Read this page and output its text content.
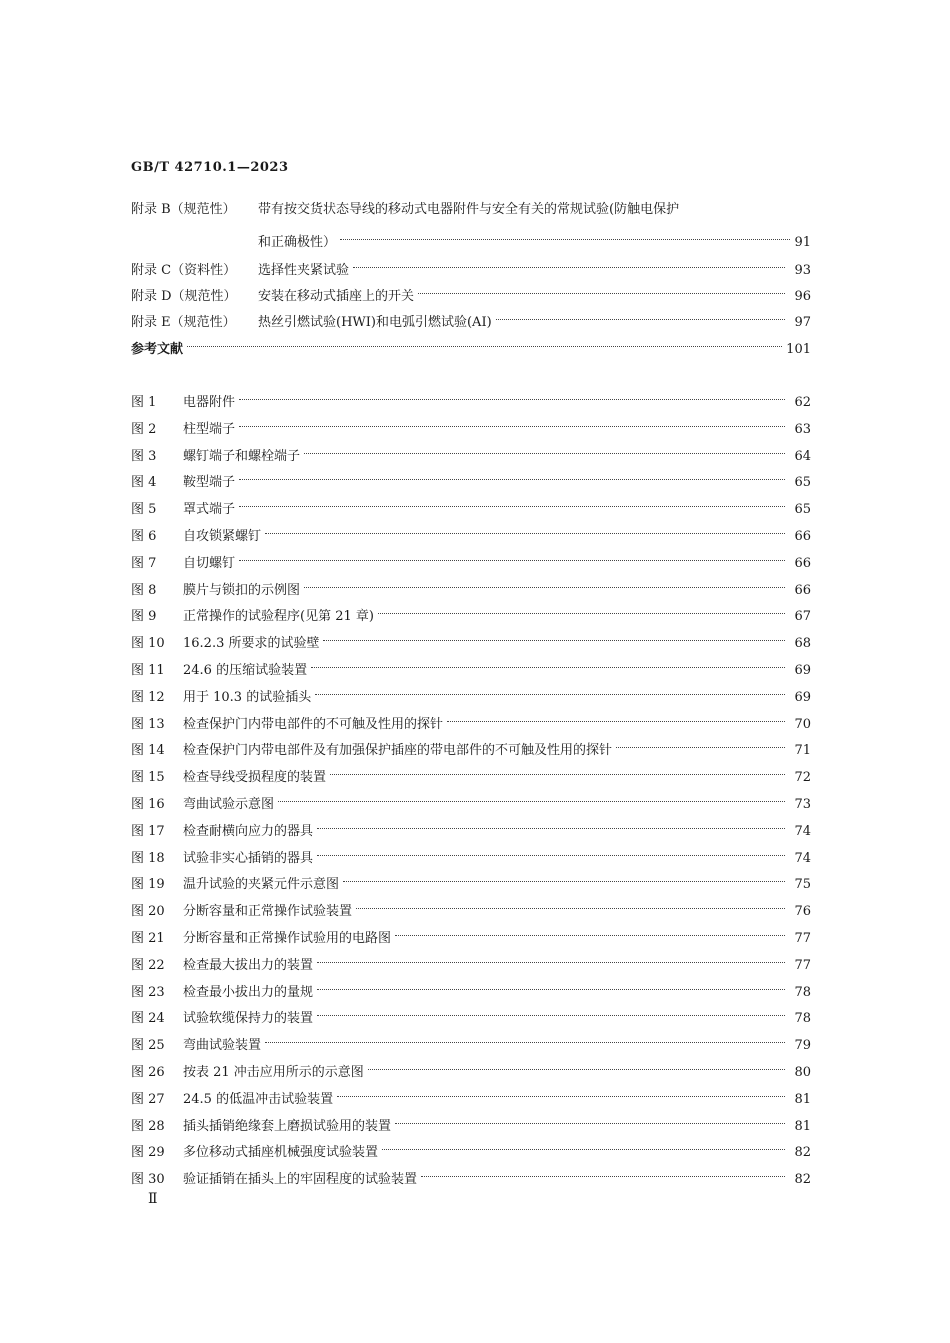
GB/T 42710.1—2023
附录 B（规范性）	带有按交货状态导线的移动式电器附件与安全有关的常规试验(防触电保护
和正确极性）	91
附录 C（资料性）	选择性夹紧试验	93
附录 D（规范性）	安装在移动式插座上的开关	96
附录 E（规范性）	热丝引燃试验(HWI)和电弧引燃试验(AI)	97
参考文献	101
图 1	电器附件	62
图 2	柱型端子	63
图 3	螺钉端子和螺栓端子	64
图 4	鞍型端子	65
图 5	罩式端子	65
图 6	自攻锁紧螺钉	66
图 7	自切螺钉	66
图 8	膜片与锁扣的示例图	66
图 9	正常操作的试验程序(见第 21 章)	67
图 10	16.2.3 所要求的试验壁	68
图 11	24.6 的压缩试验装置	69
图 12	用于 10.3 的试验插头	69
图 13	检查保护门内带电部件的不可触及性用的探针	70
图 14	检查保护门内带电部件及有加强保护插座的带电部件的不可触及性用的探针	71
图 15	检查导线受损程度的装置	72
图 16	弯曲试验示意图	73
图 17	检查耐横向应力的器具	74
图 18	试验非实心插销的器具	74
图 19	温升试验的夹紧元件示意图	75
图 20	分断容量和正常操作试验装置	76
图 21	分断容量和正常操作试验用的电路图	77
图 22	检查最大拔出力的装置	77
图 23	检查最小拔出力的量规	78
图 24	试验软缆保持力的装置	78
图 25	弯曲试验装置	79
图 26	按表 21 冲击应用所示的示意图	80
图 27	24.5 的低温冲击试验装置	81
图 28	插头插销绝缘套上磨损试验用的装置	81
图 29	多位移动式插座机械强度试验装置	82
图 30	验证插销在插头上的牢固程度的试验装置	82
Ⅱ
